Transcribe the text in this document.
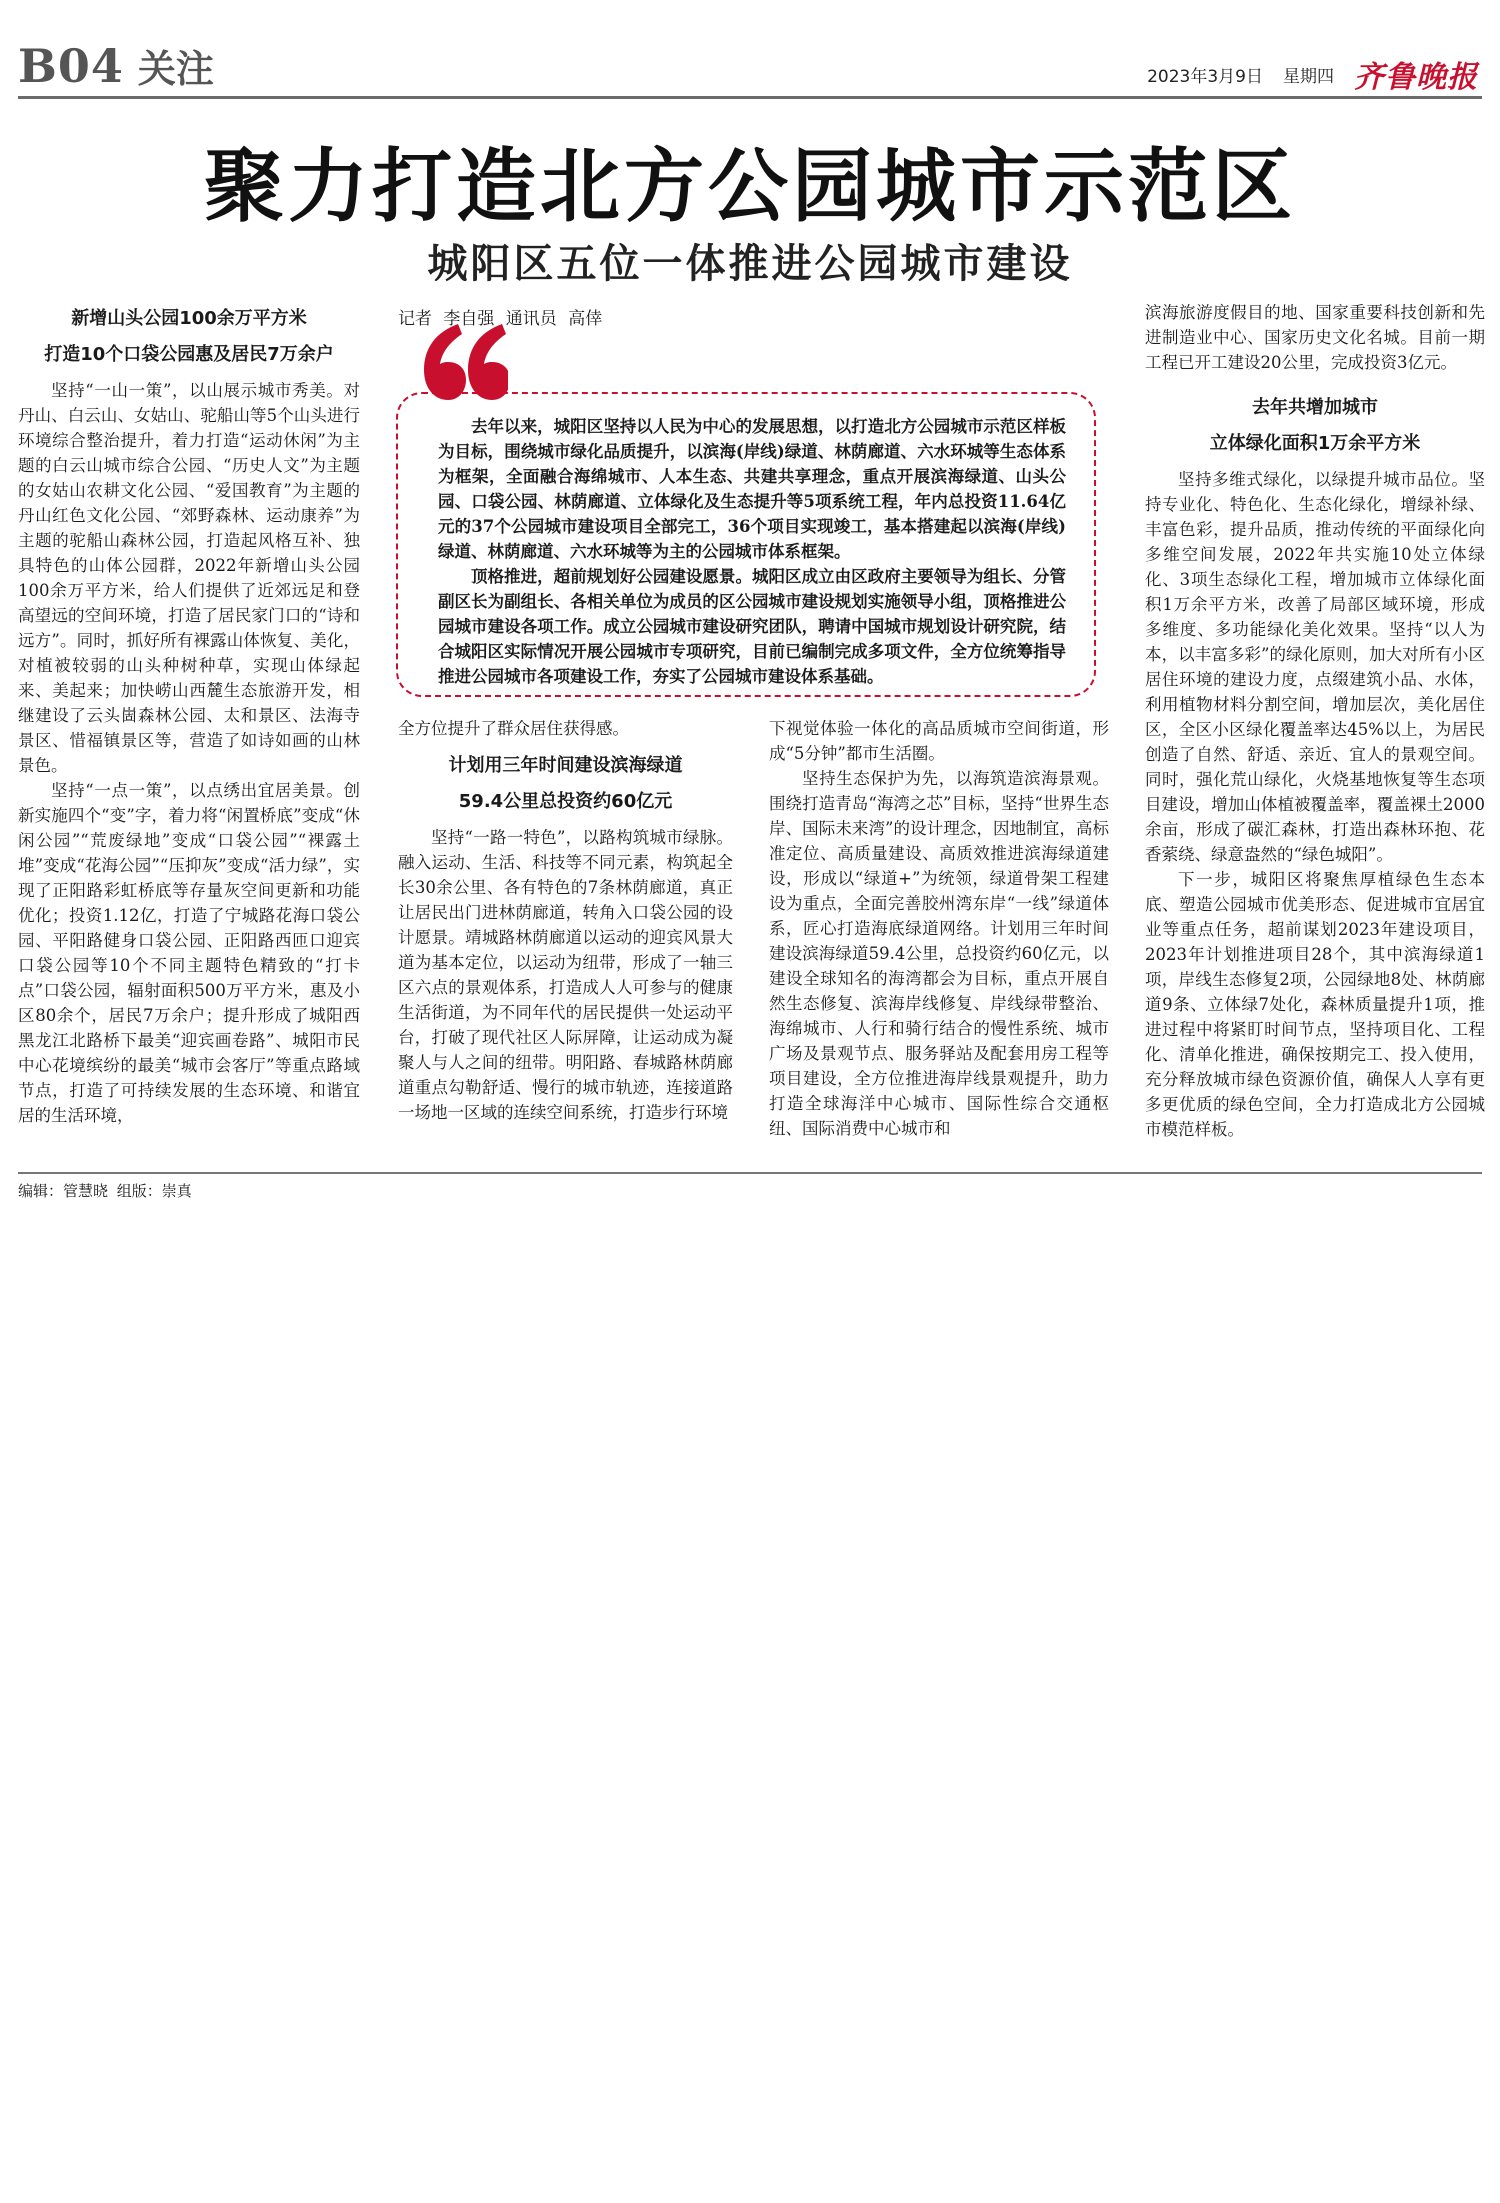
B04 关注	2023年3月9日 星期四 齐鲁晚报
聚力打造北方公园城市示范区
城阳区五位一体推进公园城市建设
新增山头公园100余万平方米
打造10个口袋公园惠及居民7万余户

坚持“一山一策”，以山展示城市秀美。对丹山、白云山、女姑山、驼船山等5个山头进行环境综合整治提升，着力打造“运动休闲”为主题的白云山城市综合公园、“历史人文”为主题的女姑山农耕文化公园、“爱国教育”为主题的丹山红色文化公园、“郊野森林、运动康养”为主题的驼船山森林公园，打造起风格互补、独具特色的山体公园群，2022年新增山头公园100余万平方米，给人们提供了近郊远足和登高望远的空间环境，打造了居民家门口的“诗和远方”。同时，抓好所有裸露山体恢复、美化，对植被较弱的山头种树种草，实现山体绿起来、美起来；加快崂山西麓生态旅游开发，相继建设了云头崮森林公园、太和景区、法海寺景区、惜福镇景区等，营造了如诗如画的山林景色。

坚持“一点一策”，以点绣出宜居美景。创新实施四个“变”字，着力将“闲置桥底”变成“休闲公园”“荒废绿地”变成“口袋公园”“裸露土堆”变成“花海公园”“压抑灰”变成“活力绿”，实现了正阳路彩虹桥底等存量灰空间更新和功能优化；投资1.12亿，打造了宁城路花海口袋公园、平阳路健身口袋公园、正阳路西匝口迎宾口袋公园等10个不同主题特色精致的“打卡点”口袋公园，辐射面积500万平方米，惠及小区80余个，居民7万余户；提升形成了城阳西黑龙江北路桥下最美“迎宾画卷路”、城阳市民中心花境缤纷的最美“城市会客厅”等重点路域节点，打造了可持续发展的生态环境、和谐宜居的生活环境，

记者 李自强 通讯员 高倖

去年以来，城阳区坚持以人民为中心的发展思想，以打造北方公园城市示范区样板为目标，围绕城市绿化品质提升，以滨海(岸线)绿道、林荫廊道、六水环城等生态体系为框架，全面融合海绵城市、人本生态、共建共享理念，重点开展滨海绿道、山头公园、口袋公园、林荫廊道、立体绿化及生态提升等5项系统工程，年内总投资11.64亿元的37个公园城市建设项目全部完工，36个项目实现竣工，基本搭建起以滨海(岸线)绿道、林荫廊道、六水环城等为主的公园城市体系框架。

顶格推进，超前规划好公园建设愿景。城阳区成立由区政府主要领导为组长、分管副区长为副组长、各相关单位为成员的区公园城市建设规划实施领导小组，顶格推进公园城市建设各项工作。成立公园城市建设研究团队，聘请中国城市规划设计研究院，结合城阳区实际情况开展公园城市专项研究，目前已编制完成多项文件，全方位统筹指导推进公园城市各项建设工作，夯实了公园城市建设体系基础。

全方位提升了群众居住获得感。

计划用三年时间建设滨海绿道
59.4公里总投资约60亿元

坚持“一路一特色”，以路构筑城市绿脉。融入运动、生活、科技等不同元素，构筑起全长30余公里、各有特色的7条林荫廊道，真正让居民出门进林荫廊道，转角入口袋公园的设计愿景。靖城路林荫廊道以运动的迎宾风景大道为基本定位，以运动为纽带，形成了一轴三区六点的景观体系，打造成人人可参与的健康生活街道，为不同年代的居民提供一处运动平台，打破了现代社区人际屏障，让运动成为凝聚人与人之间的纽带。明阳路、春城路林荫廊道重点勾勒舒适、慢行的城市轨迹，连接道路一场地一区域的连续空间系统，打造步行环境

下视觉体验一体化的高品质城市空间街道，形成“5分钟”都市生活圈。

坚持生态保护为先，以海筑造滨海景观。围绕打造青岛“海湾之芯”目标，坚持“世界生态岸、国际未来湾”的设计理念，因地制宜，高标准定位、高质量建设、高质效推进滨海绿道建设，形成以“绿道+”为统领，绿道骨架工程建设为重点，全面完善胶州湾东岸“一线”绿道体系，匠心打造海底绿道网络。计划用三年时间建设滨海绿道59.4公里，总投资约60亿元，以建设全球知名的海湾都会为目标，重点开展自然生态修复、滨海岸线修复、岸线绿带整治、海绵城市、人行和骑行结合的慢性系统、城市广场及景观节点、服务驿站及配套用房工程等项目建设，全方位推进海岸线景观提升，助力打造全球海洋中心城市、国际性综合交通枢纽、国际消费中心城市和

滨海旅游度假目的地、国家重要科技创新和先进制造业中心、国家历史文化名城。目前一期工程已开工建设20公里，完成投资3亿元。

去年共增加城市
立体绿化面积1万余平方米

坚持多维式绿化，以绿提升城市品位。坚持专业化、特色化、生态化绿化，增绿补绿、丰富色彩，提升品质，推动传统的平面绿化向多维空间发展，2022年共实施10处立体绿化、3项生态绿化工程，增加城市立体绿化面积1万余平方米，改善了局部区域环境，形成多维度、多功能绿化美化效果。坚持“以人为本，以丰富多彩”的绿化原则，加大对所有小区居住环境的建设力度，点缀建筑小品、水体，利用植物材料分割空间，增加层次，美化居住区，全区小区绿化覆盖率达45%以上，为居民创造了自然、舒适、亲近、宜人的景观空间。同时，强化荒山绿化，火烧基地恢复等生态项目建设，增加山体植被覆盖率，覆盖裸土2000余亩，形成了碳汇森林，打造出森林环抱、花香萦绕、绿意盎然的“绿色城阳”。

下一步，城阳区将聚焦厚植绿色生态本底、塑造公园城市优美形态、促进城市宜居宜业等重点任务，超前谋划2023年建设项目，2023年计划推进项目28个，其中滨海绿道1项，岸线生态修复2项，公园绿地8处、林荫廊道9条、立体绿7处化，森林质量提升1项，推进过程中将紧盯时间节点，坚持项目化、工程化、清单化推进，确保按期完工、投入使用，充分释放城市绿色资源价值，确保人人享有更多更优质的绿色空间，全力打造成北方公园城市模范样板。

编辑：管慧晓 组版：崇真
